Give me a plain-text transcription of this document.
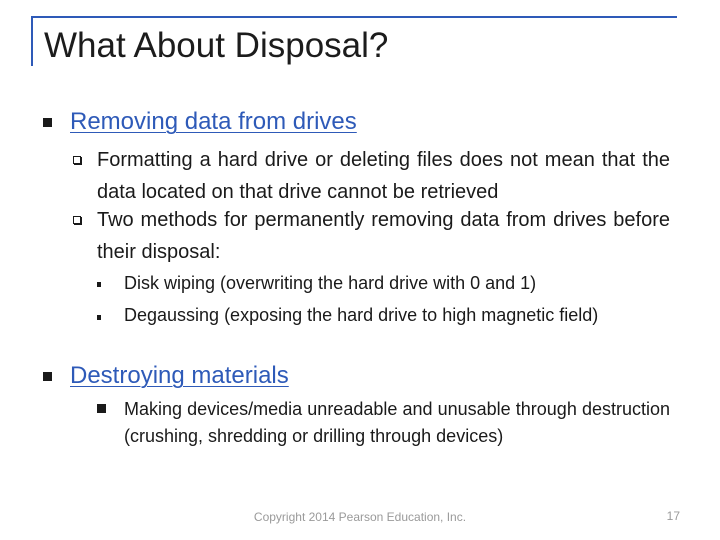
What About Disposal?
Removing data from drives
Formatting a hard drive or deleting files does not mean that the data located on that drive cannot be retrieved
Two methods for permanently removing data from drives before their disposal:
Disk wiping (overwriting the hard drive with 0 and 1)
Degaussing (exposing the hard drive to high magnetic field)
Destroying materials
Making devices/media unreadable and unusable through destruction (crushing, shredding or drilling through devices)
Copyright 2014 Pearson Education, Inc.	17
